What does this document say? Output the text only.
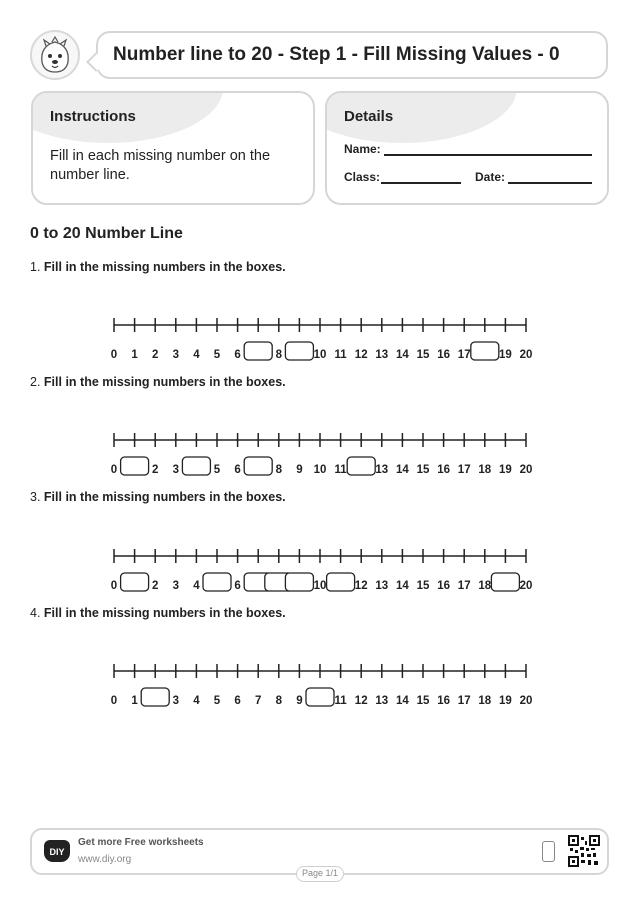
Number line to 20 - Step 1 - Fill Missing Values - 0
Instructions
Fill in each missing number on the number line.
Details
Name:
Class:	Date:
0 to 20 Number Line
1. Fill in the missing numbers in the boxes.
0 1 2 3 4 5 6	8	10 11 12 13 14 15 16 17 19 20
2. Fill in the missing numbers in the boxes.
0	2 3	5 6	8 9 10 11 13 14 15 16 17 18 19 20
3. Fill in the missing numbers in the boxes.
0	2 3 4	6	10 12 13 14 15 16 17 18 20
4. Fill in the missing numbers in the boxes.
0 1	3 4 5 6 7 8 9	11 12 13 14 15 16 17 18 19 20
DIY
Get more Free worksheets
www.diy.org
Page 1/1
